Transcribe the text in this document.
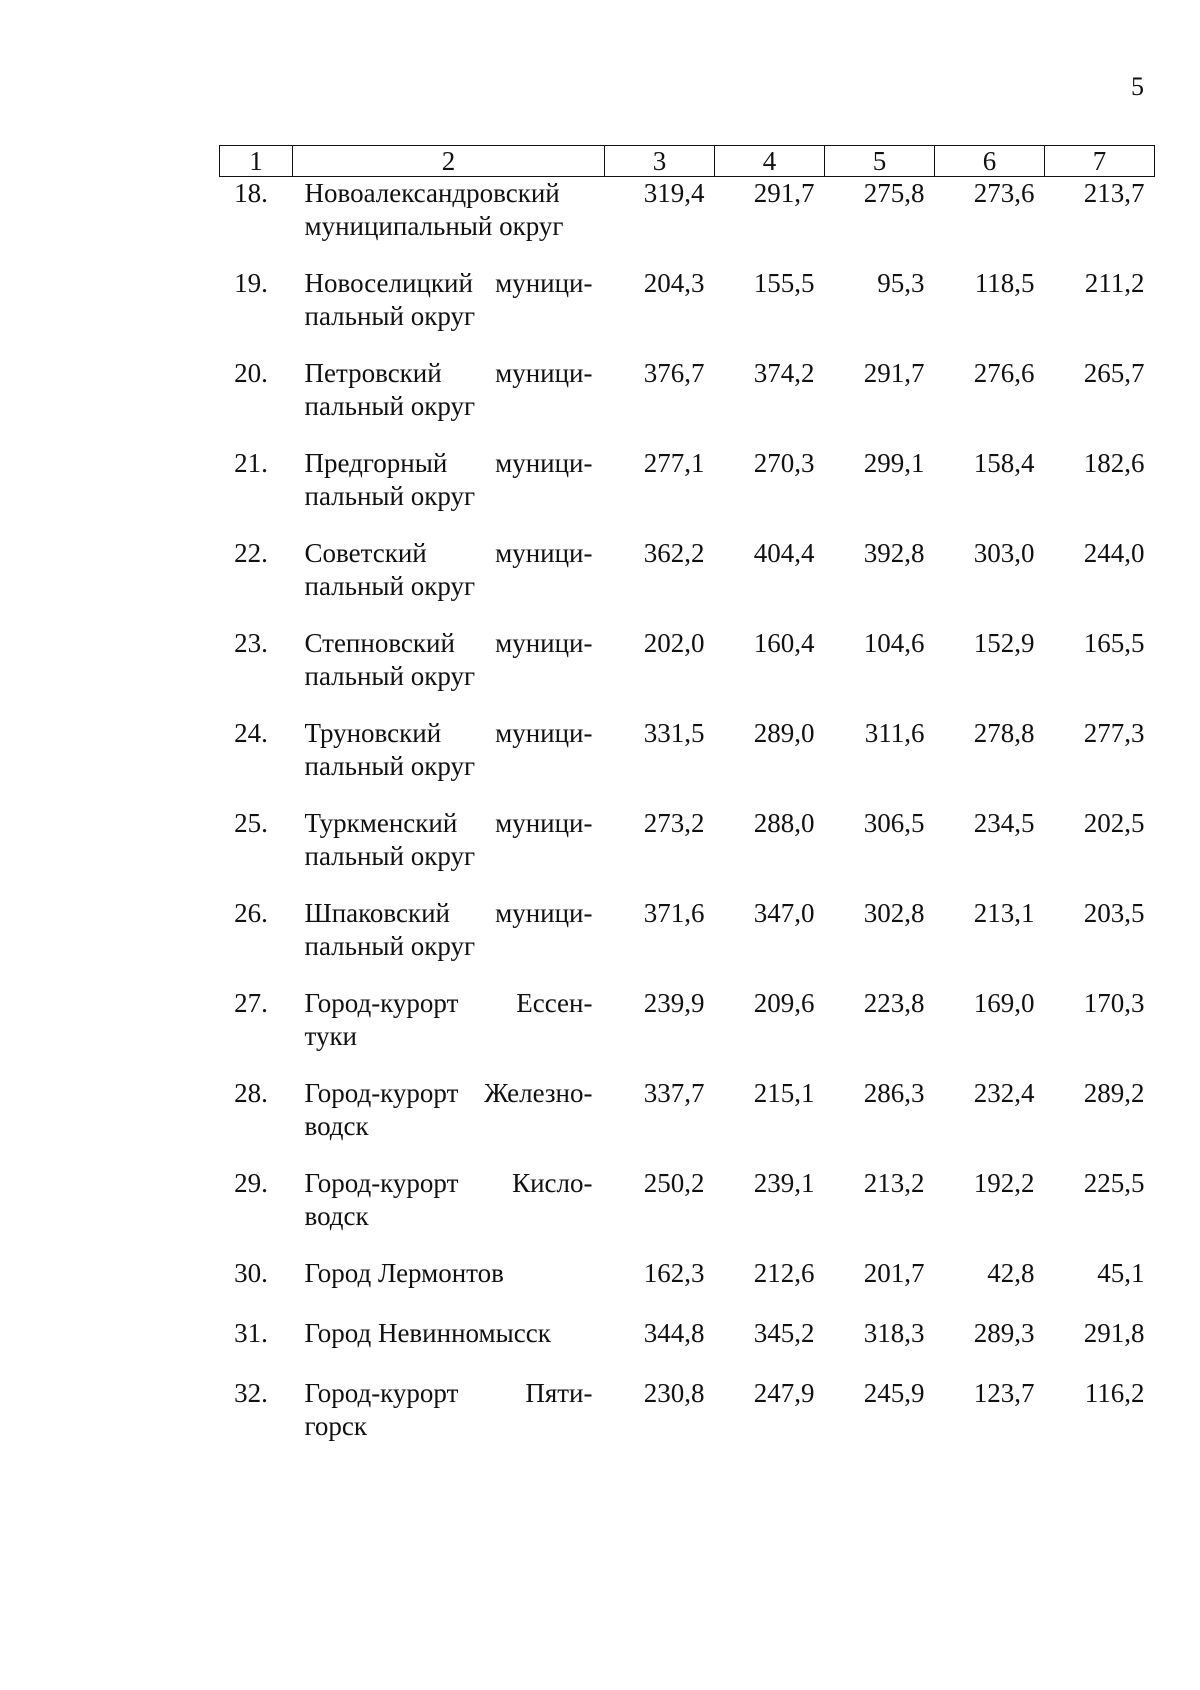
5
1	2	3	4	5	6	7
18.	Новоалександровский
муниципальный округ	319,4	291,7	275,8	273,6	213,7
19.	Новоселицкий муници-
пальный округ	204,3	155,5	95,3	118,5	211,2
20.	Петровский муници-
пальный округ	376,7	374,2	291,7	276,6	265,7
21.	Предгорный муници-
пальный округ	277,1	270,3	299,1	158,4	182,6
22.	Советский муници-
пальный округ	362,2	404,4	392,8	303,0	244,0
23.	Степновский муници-
пальный округ	202,0	160,4	104,6	152,9	165,5
24.	Труновский муници-
пальный округ	331,5	289,0	311,6	278,8	277,3
25.	Туркменский муници-
пальный округ	273,2	288,0	306,5	234,5	202,5
26.	Шпаковский муници-
пальный округ	371,6	347,0	302,8	213,1	203,5
27.	Город-курорт Ессен-
туки	239,9	209,6	223,8	169,0	170,3
28.	Город-курорт Железно-
водск	337,7	215,1	286,3	232,4	289,2
29.	Город-курорт Кисло-
водск	250,2	239,1	213,2	192,2	225,5
30.	Город Лермонтов	162,3	212,6	201,7	42,8	45,1
31.	Город Невинномысск	344,8	345,2	318,3	289,3	291,8
32.	Город-курорт Пяти-
горск	230,8	247,9	245,9	123,7	116,2
